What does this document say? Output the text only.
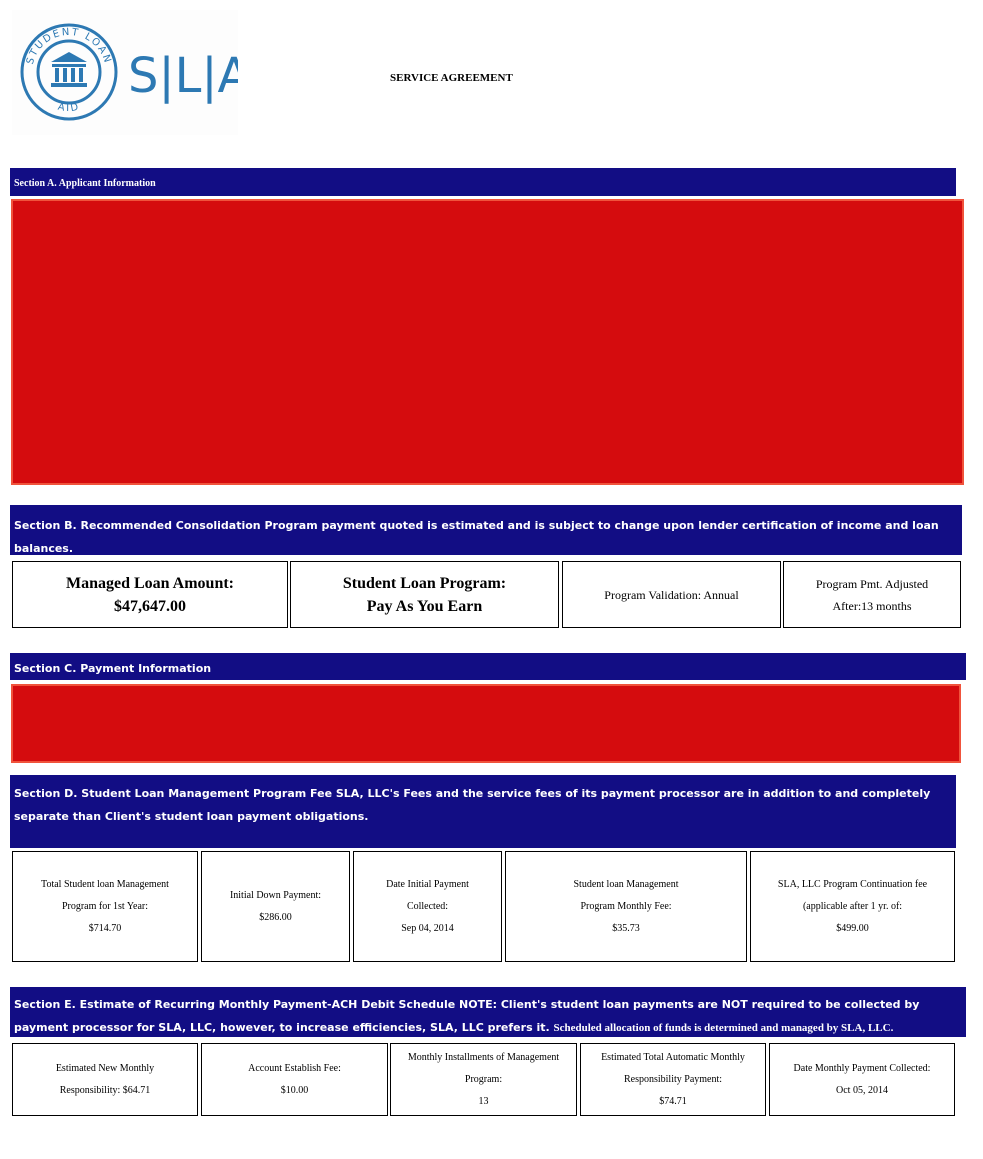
STUDENT LOAN
AID
S|L|A	SERVICE AGREEMENT
Section A. Applicant Information
Section B. Recommended Consolidation Program payment quoted is estimated and is subject to change upon lender certification of income and loan balances.
Managed Loan Amount:
$47,647.00
Student Loan Program:
Pay As You Earn
Program Validation: Annual
Program Pmt. Adjusted
After:13 months
Section C. Payment Information
Section D. Student Loan Management Program Fee SLA, LLC's Fees and the service fees of its payment processor are in addition to and completely separate than Client's student loan payment obligations.
Total Student loan Management
Program for 1st Year:
$714.70
Initial Down Payment:
$286.00
Date Initial Payment
Collected:
Sep 04, 2014
Student loan Management
Program Monthly Fee:
$35.73
SLA, LLC Program Continuation fee
(applicable after 1 yr. of:
$499.00
Section E. Estimate of Recurring Monthly Payment-ACH Debit Schedule NOTE: Client's student loan payments are NOT required to be collected by payment processor for SLA, LLC, however, to increase efficiencies, SLA, LLC prefers it. Scheduled allocation of funds is determined and managed by SLA, LLC.
Estimated New Monthly
Responsibility: $64.71
Account Establish Fee:
$10.00
Monthly Installments of Management
Program:
13
Estimated Total Automatic Monthly
Responsibility Payment:
$74.71
Date Monthly Payment Collected:
Oct 05, 2014
